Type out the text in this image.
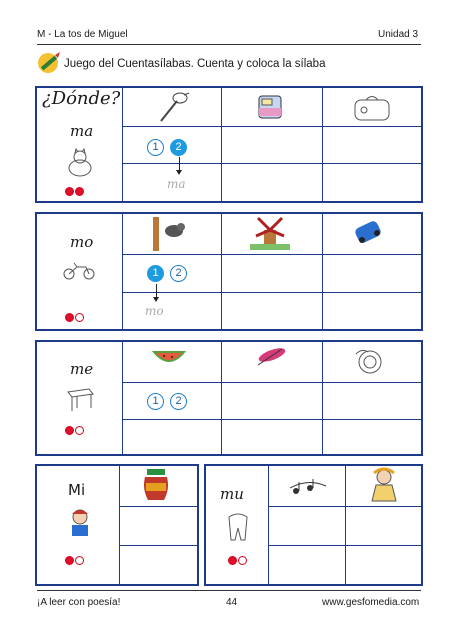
M - La tos de Miguel	Unidad 3
Juego del Cuentasílabas. Cuenta y coloca la sílaba
¿Dónde?
ma
1	2
ma
mo
1	2
mo
me
1	2
Mi	mu
¡A leer con poesía!	44	www.gesfomedia.com
